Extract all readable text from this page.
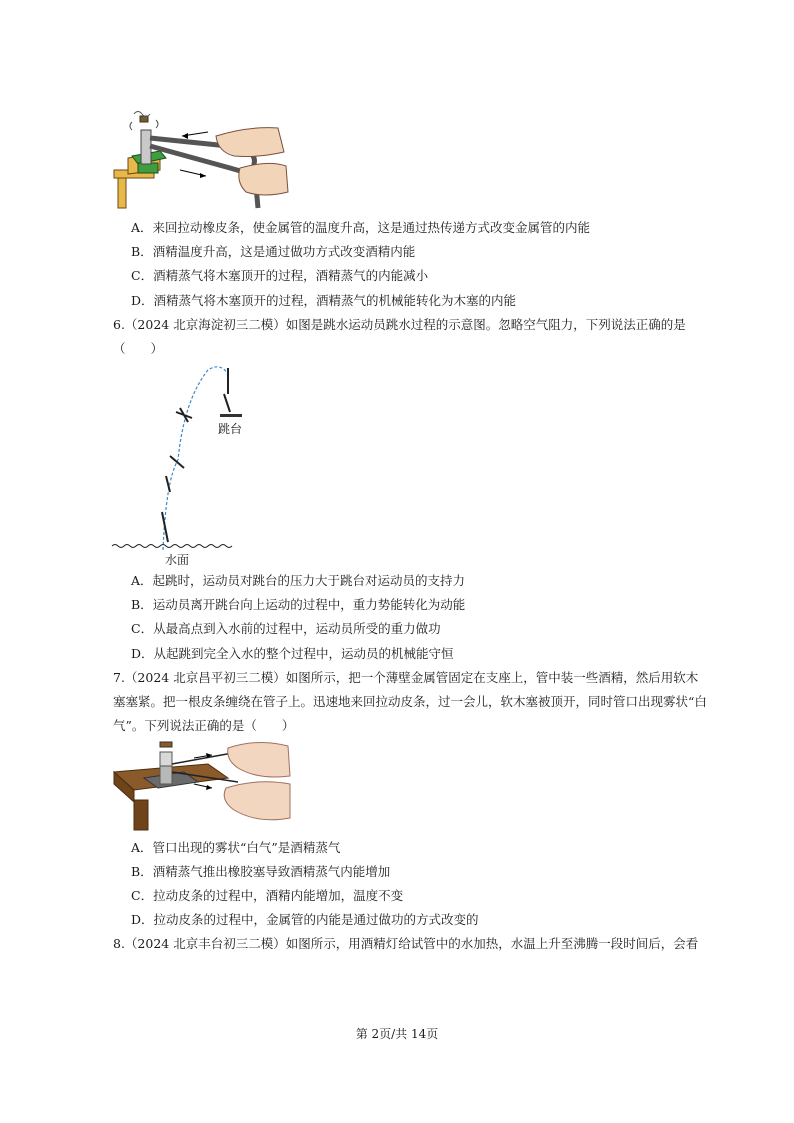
A．来回拉动橡皮条，使金属管的温度升高，这是通过热传递方式改变金属管的内能
B．酒精温度升高，这是通过做功方式改变酒精内能
C．酒精蒸气将木塞顶开的过程，酒精蒸气的内能减小
D．酒精蒸气将木塞顶开的过程，酒精蒸气的机械能转化为木塞的内能
6.（2024 北京海淀初三二模）如图是跳水运动员跳水过程的示意图。忽略空气阻力，下列说法正确的是
（　　）
跳台
水面
A．起跳时，运动员对跳台的压力大于跳台对运动员的支持力
B．运动员离开跳台向上运动的过程中，重力势能转化为动能
C．从最高点到入水前的过程中，运动员所受的重力做功
D．从起跳到完全入水的整个过程中，运动员的机械能守恒
7.（2024 北京昌平初三二模）如图所示，把一个薄壁金属管固定在支座上，管中装一些酒精，然后用软木
塞塞紧。把一根皮条缠绕在管子上。迅速地来回拉动皮条，过一会儿，软木塞被顶开，同时管口出现雾状“白
气”。下列说法正确的是（　　）
A．管口出现的雾状“白气”是酒精蒸气
B．酒精蒸气推出橡胶塞导致酒精蒸气内能增加
C．拉动皮条的过程中，酒精内能增加，温度不变
D．拉动皮条的过程中，金属管的内能是通过做功的方式改变的
8.（2024 北京丰台初三二模）如图所示，用酒精灯给试管中的水加热，水温上升至沸腾一段时间后，会看
第 2页/共 14页
